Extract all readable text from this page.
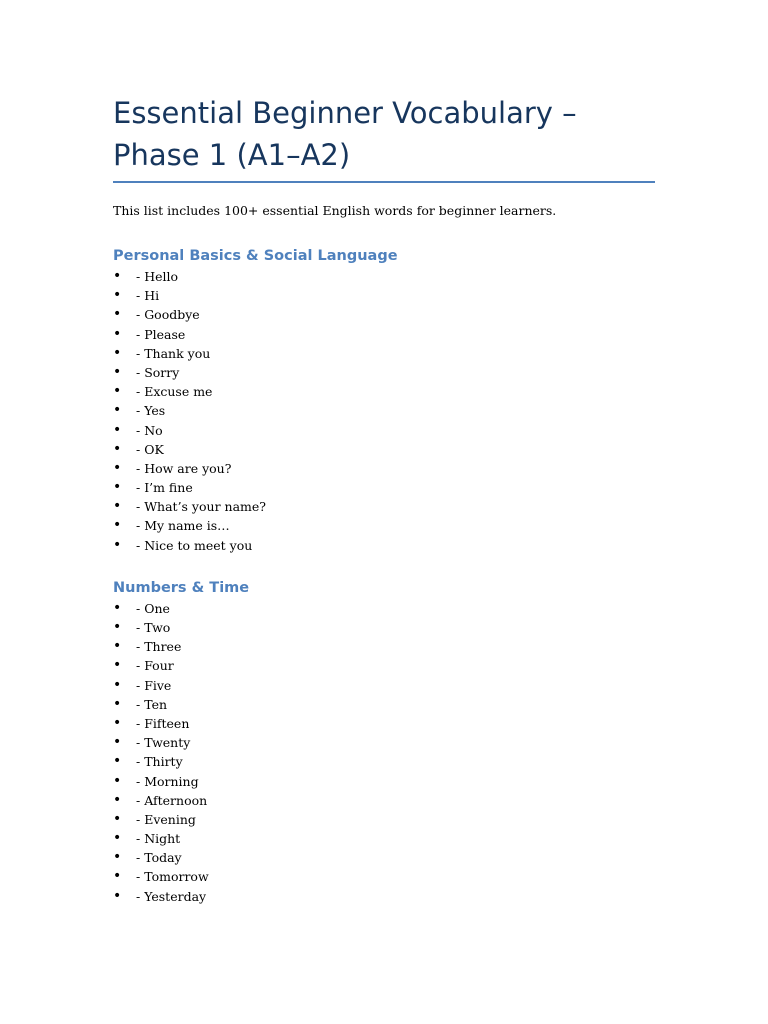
Essential Beginner Vocabulary – Phase 1 (A1–A2)

This list includes 100+ essential English words for beginner learners.

Personal Basics & Social Language
• - Hello
• - Hi
• - Goodbye
• - Please
• - Thank you
• - Sorry
• - Excuse me
• - Yes
• - No
• - OK
• - How are you?
• - I’m fine
• - What’s your name?
• - My name is…
• - Nice to meet you
Numbers & Time
• - One
• - Two
• - Three
• - Four
• - Five
• - Ten
• - Fifteen
• - Twenty
• - Thirty
• - Morning
• - Afternoon
• - Evening
• - Night
• - Today
• - Tomorrow
• - Yesterday
